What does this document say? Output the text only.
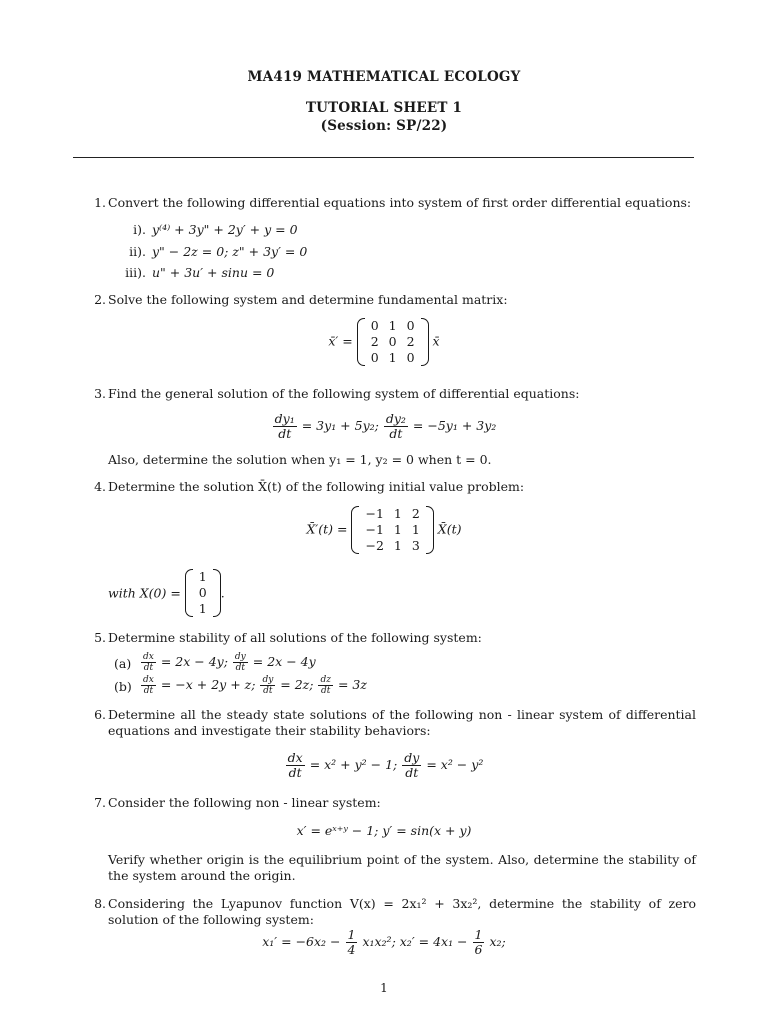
MA419 MATHEMATICAL ECOLOGY
TUTORIAL SHEET 1
(Session: SP/22)
1. Convert the following differential equations into system of first order differential equations:
i). y⁽⁴⁾ + 3y" + 2y′ + y = 0
ii). y" − 2z = 0; z" + 3y′ = 0
iii). u" + 3u′ + sinu = 0
2. Solve the following system and determine fundamental matrix:
x̄′ =
0	1	0
2	0	2
0	1	0
x̄
3. Find the general solution of the following system of differential equations:
$\frac{\text{dy₁}}{dt} = 3y_1 + 5y_2$; $\frac{\text{dy₂}}{dt} = -5y_1 + 3y_2$
Also, determine the solution when y₁ = 1, y₂ = 0 when t = 0.
4. Determine the solution X̄(t) of the following initial value problem:
X̄′(t) =
−1	1	2
−1	1	1
−2	1	3
X̄(t)
with X(0) =
1
0
1
.
5. Determine stability of all solutions of the following system:
$(a) \frac{dx}{dt} = 2x - 4y$; $\frac{dy}{dt} = 2x - 4y$
$(b) \frac{dx}{dt} = -x + 2y + z$; $\frac{dy}{dt} = 2z$; $\frac{dz}{dt} = 3z$
6. Determine all the steady state solutions of the following non - linear system of differential equations and investigate their stability behaviors:
$\frac{dx}{dt} = x^2 + y^2 - 1$; $\frac{dy}{dt} = x^2 - y^2$
7. Consider the following non - linear system:
x′ = eˣ⁺ʸ − 1; y′ = sin(x + y)
Verify whether origin is the equilibrium point of the system. Also, determine the stability of the system around the origin.
8. Considering the Lyapunov function V(x) = 2x₁² + 3x₂², determine the stability of zero solution of the following system:
$x_1' = -6x_2 - \frac{1}{4} x_1x_2^2$; $x_2' = 4x_1 - \frac{1}{6} x_2$;
1
